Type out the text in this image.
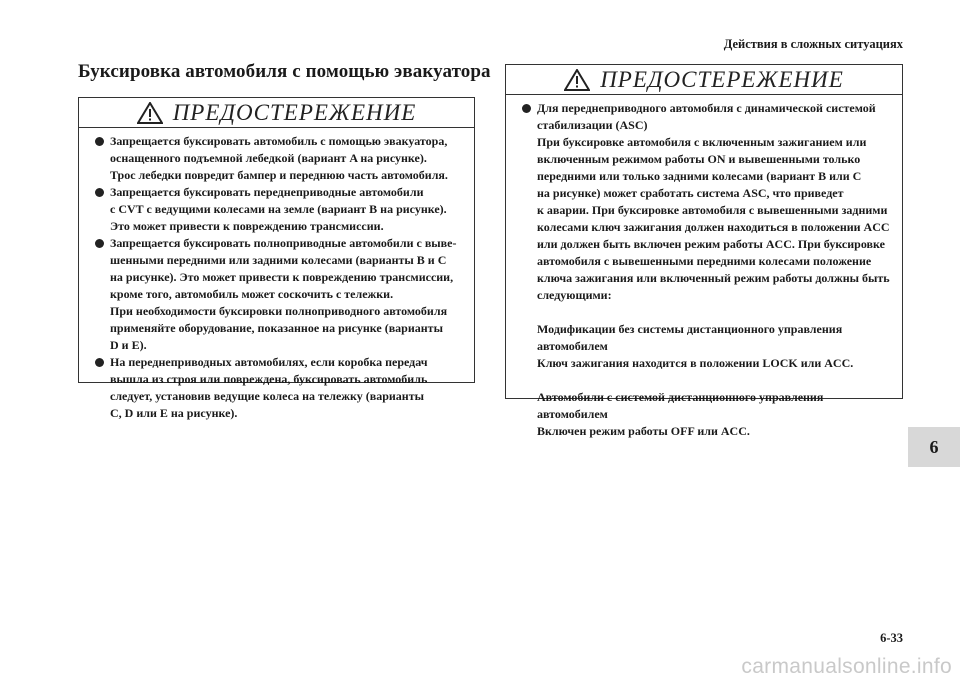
Действия в сложных ситуациях
Буксировка автомобиля с помощью эвакуатора
ПРЕДОСТЕРЕЖЕНИЕ
Запрещается буксировать автомобиль с помощью эвакуатора,
оснащенного подъемной лебедкой (вариант A на рисунке).
Трос лебедки повредит бампер и переднюю часть автомобиля.
Запрещается буксировать переднеприводные автомобили
с CVT с ведущими колесами на земле (вариант B на рисунке).
Это может привести к повреждению трансмиссии.
Запрещается буксировать полноприводные автомобили с выве-
шенными передними или задними колесами (варианты B и C
на рисунке). Это может привести к повреждению трансмиссии,
кроме того, автомобиль может соскочить с тележки.
При необходимости буксировки полноприводного автомобиля
применяйте оборудование, показанное на рисунке (варианты
D и E).
На переднеприводных автомобилях, если коробка передач
вышла из строя или повреждена, буксировать автомобиль
следует, установив ведущие колеса на тележку (варианты
C, D или E на рисунке).
ПРЕДОСТЕРЕЖЕНИЕ
Для переднеприводного автомобиля с динамической системой
стабилизации (ASC)
При буксировке автомобиля с включенным зажиганием или
включенным режимом работы ON и вывешенными только
передними или только задними колесами (вариант B или C
на рисунке) может сработать система ASC, что приведет
к аварии. При буксировке автомобиля с вывешенными задними
колесами ключ зажигания должен находиться в положении ACC
или должен быть включен режим работы ACC. При буксировке
автомобиля с вывешенными передними колесами положение
ключа зажигания или включенный режим работы должны быть
следующими:
Модификации без системы дистанционного управления
автомобилем
Ключ зажигания находится в положении LOCK или ACC.
Автомобили с системой дистанционного управления
автомобилем
Включен режим работы OFF или ACC.
6
6-33
carmanualsonline.info
